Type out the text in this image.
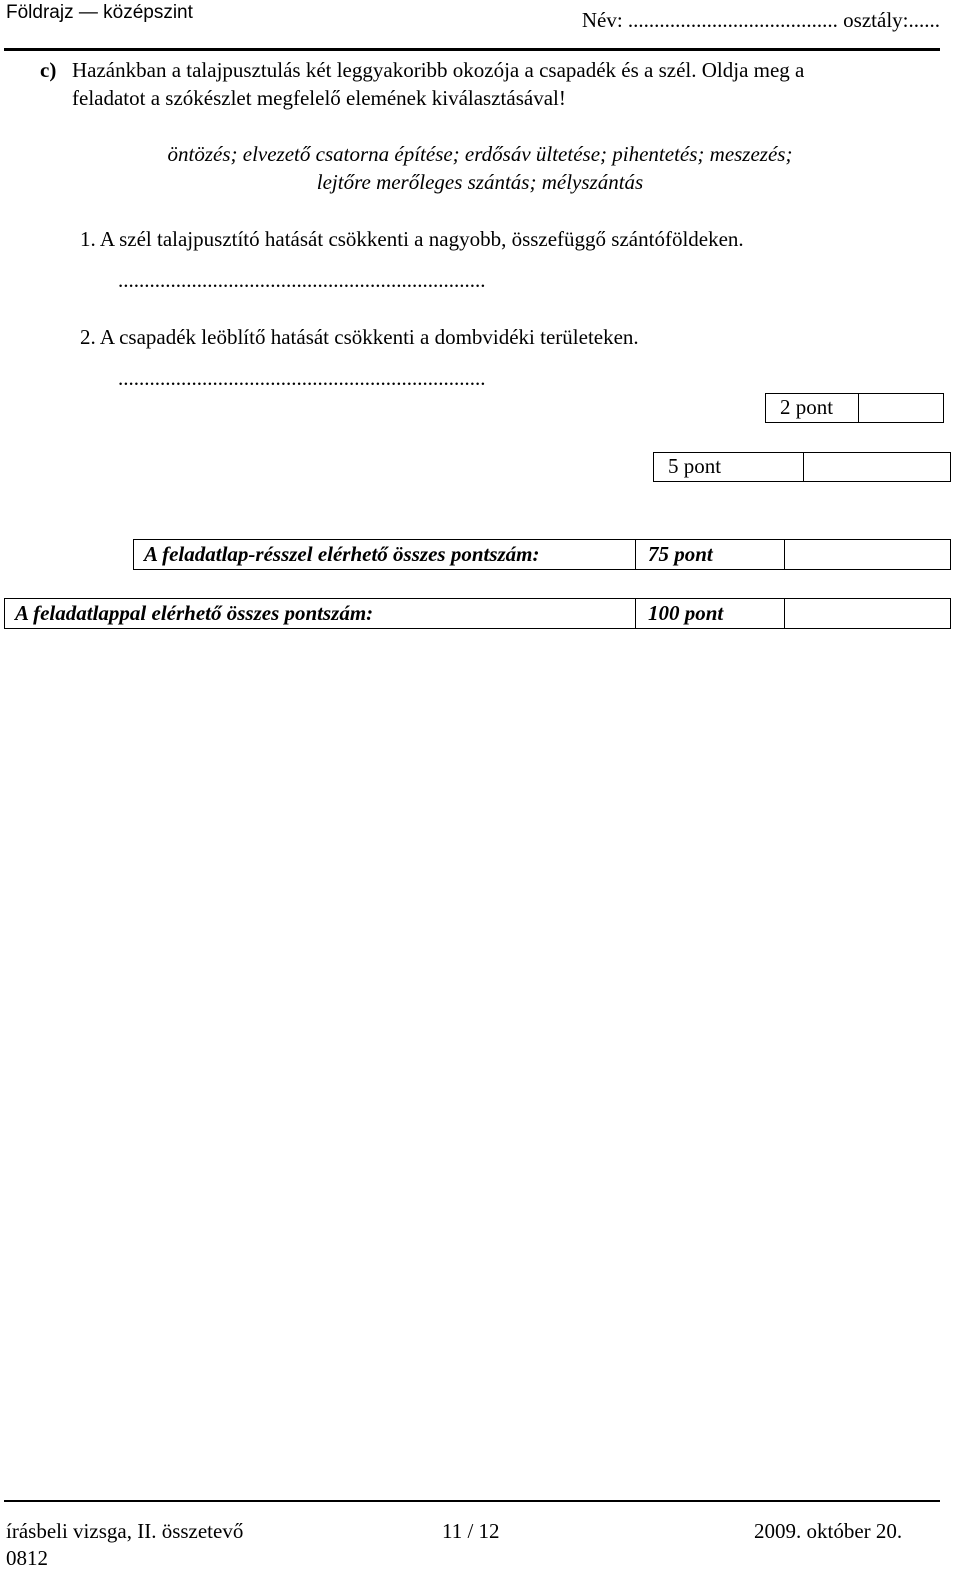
Földrajz — középszint	Név: ........................................ osztály:......
c) Hazánkban a talajpusztulás két leggyakoribb okozója a csapadék és a szél. Oldja meg a
feladatot a szókészlet megfelelő elemének kiválasztásával!
öntözés; elvezető csatorna építése; erdősáv ültetése; pihentetés; meszezés;
lejtőre merőleges szántás; mélyszántás
1. A szél talajpusztító hatását csökkenti a nagyobb, összefüggő szántóföldeken.
......................................................................
2. A csapadék leöblítő hatását csökkenti a dombvidéki területeken.
......................................................................
2 pont
5 pont
A feladatlap-résszel elérhető összes pontszám:	75 pont
A feladatlappal elérhető összes pontszám:	100 pont
írásbeli vizsga, II. összetevő	11 / 12	2009. október 20.
0812
